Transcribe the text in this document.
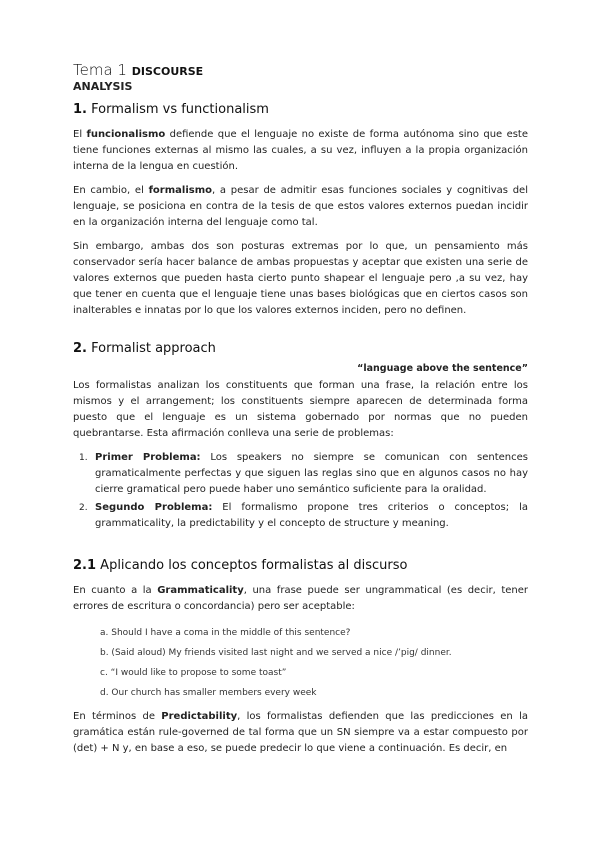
Tema 1 DISCOURSE
ANALYSIS
1. Formalism vs functionalism

El funcionalismo defiende que el lenguaje no existe de forma autónoma sino que este tiene funciones externas al mismo las cuales, a su vez, influyen a la propia organización interna de la lengua en cuestión.

En cambio, el formalismo, a pesar de admitir esas funciones sociales y cognitivas del lenguaje, se posiciona en contra de la tesis de que estos valores externos puedan incidir en la organización interna del lenguaje como tal.

Sin embargo, ambas dos son posturas extremas por lo que, un pensamiento más conservador sería hacer balance de ambas propuestas y aceptar que existen una serie de valores externos que pueden hasta cierto punto shapear el lenguaje pero ,a su vez, hay que tener en cuenta que el lenguaje tiene unas bases biológicas que en ciertos casos son inalterables e innatas por lo que los valores externos inciden, pero no definen.

2. Formalist approach
“language above the sentence”

Los formalistas analizan los constituents que forman una frase, la relación entre los mismos y el arrangement; los constituents siempre aparecen de determinada forma puesto que el lenguaje es un sistema gobernado por normas que no pueden quebrantarse. Esta afirmación conlleva una serie de problemas:

1. Primer Problema: Los speakers no siempre se comunican con sentences gramaticalmente perfectas y que siguen las reglas sino que en algunos casos no hay cierre gramatical pero puede haber uno semántico suficiente para la oralidad.
2. Segundo Problema: El formalismo propone tres criterios o conceptos; la grammaticality, la predictability y el concepto de structure y meaning.
2.1 Aplicando los conceptos formalistas al discurso

En cuanto a la Grammaticality, una frase puede ser ungrammatical (es decir, tener errores de escritura o concordancia) pero ser aceptable:

a. Should I have a coma in the middle of this sentence?
b. (Said aloud) My friends visited last night and we served a nice /’pig/ dinner.
c. “I would like to propose to some toast”
d. Our church has smaller members every week

En términos de Predictability, los formalistas defienden que las predicciones en la gramática están rule-governed de tal forma que un SN siempre va a estar compuesto por (det) + N y, en base a eso, se puede predecir lo que viene a continuación. Es decir, en
